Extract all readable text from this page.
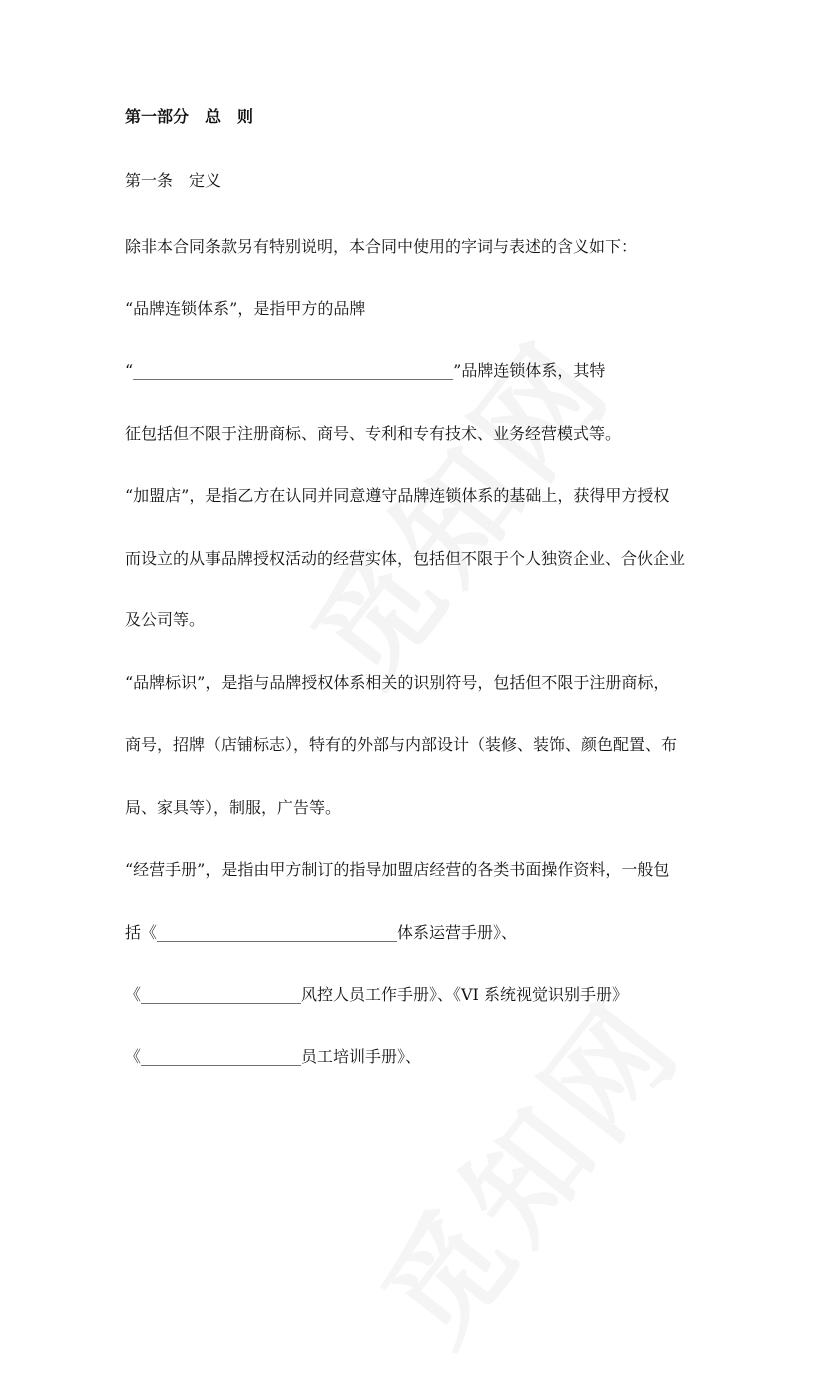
第一部分　总　则
第一条　定义
除非本合同条款另有特别说明，本合同中使用的字词与表述的含义如下：
“品牌连锁体系”，是指甲方的品牌
“________________________________________”品牌连锁体系，其特
征包括但不限于注册商标、商号、专利和专有技术、业务经营模式等。
“加盟店”，是指乙方在认同并同意遵守品牌连锁体系的基础上，获得甲方授权
而设立的从事品牌授权活动的经营实体，包括但不限于个人独资企业、合伙企业
及公司等。
“品牌标识”，是指与品牌授权体系相关的识别符号，包括但不限于注册商标，
商号，招牌（店铺标志），特有的外部与内部设计（装修、装饰、颜色配置、布
局、家具等），制服，广告等。
“经营手册”，是指由甲方制订的指导加盟店经营的各类书面操作资料，一般包
括《______________________________体系运营手册》、
《____________________风控人员工作手册》、《VI 系统视觉识别手册》
《____________________员工培训手册》、
